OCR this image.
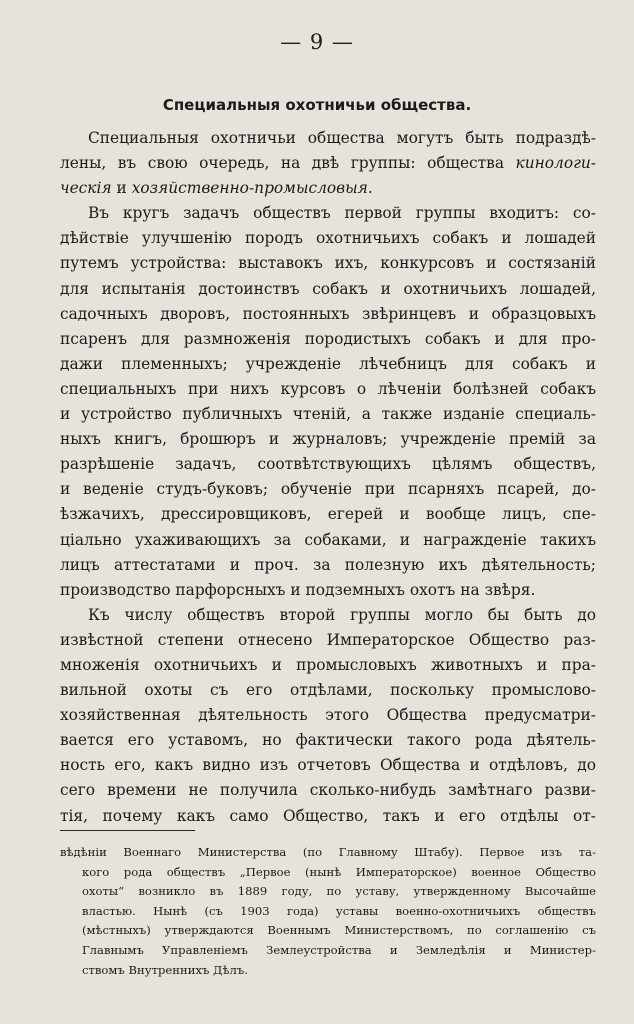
— 9 —
Специальныя охотничьи общества.
Специальныя охотничьи общества могутъ быть подраздѣ-
лены, въ свою очередь, на двѣ группы: общества кинологи-
ческія и хозяйственно-промысловыя.
Въ кругъ задачъ обществъ первой группы входитъ: со-
дѣйствіе улучшенію породъ охотничьихъ собакъ и лошадей
путемъ устройства: выставокъ ихъ, конкурсовъ и состязаній
для испытанія достоинствъ собакъ и охотничьихъ лошадей,
садочныхъ дворовъ, постоянныхъ звѣринцевъ и образцовыхъ
псаренъ для размноженія породистыхъ собакъ и для про-
дажи племенныхъ; учрежденіе лѣчебницъ для собакъ и
специальныхъ при нихъ курсовъ о лѣченіи болѣзней собакъ
и устройство публичныхъ чтеній, а также изданіе специаль-
ныхъ книгъ, брошюръ и журналовъ; учрежденіе премій за
разрѣшеніе задачъ, соотвѣтствующихъ цѣлямъ обществъ,
и веденіе студъ-буковъ; обученіе при псарняхъ псарей, до-
ѣзжачихъ, дрессировщиковъ, егерей и вообще лицъ, спе-
ціально ухаживающихъ за собаками, и награжденіе такихъ
лицъ аттестатами и проч. за полезную ихъ дѣятельность;
производство парфорсныхъ и подземныхъ охотъ на звѣря.
Къ числу обществъ второй группы могло бы быть до
извѣстной степени отнесено Императорское Общество раз-
множенія охотничьихъ и промысловыхъ животныхъ и пра-
вильной охоты съ его отдѣлами, поскольку промысловo-
хозяйственная дѣятельность этого Общества предусматри-
вается его уставомъ, но фактически такого рода дѣятель-
ность его, какъ видно изъ отчетовъ Общества и отдѣловъ, до
сего времени не получила сколько-нибудь замѣтнаго разви-
тія, почему какъ само Общество, такъ и его отдѣлы от-
вѣдѣніи Военнаго Министерства (по Главному Штабу). Первое изъ та-
кого рода обществъ „Первое (нынѣ Императорское) военное Общество
охоты“ возникло въ 1889 году, по уставу, утвержденному Высочайше
властью. Нынѣ (съ 1903 года) уставы военно-охотничьихъ обществъ
(мѣстныхъ) утверждаются Военнымъ Министерствомъ, по соглашенію съ
Главнымъ Управленіемъ Землеустройства и Земледѣлія и Министер-
ствомъ Внутреннихъ Дѣлъ.
